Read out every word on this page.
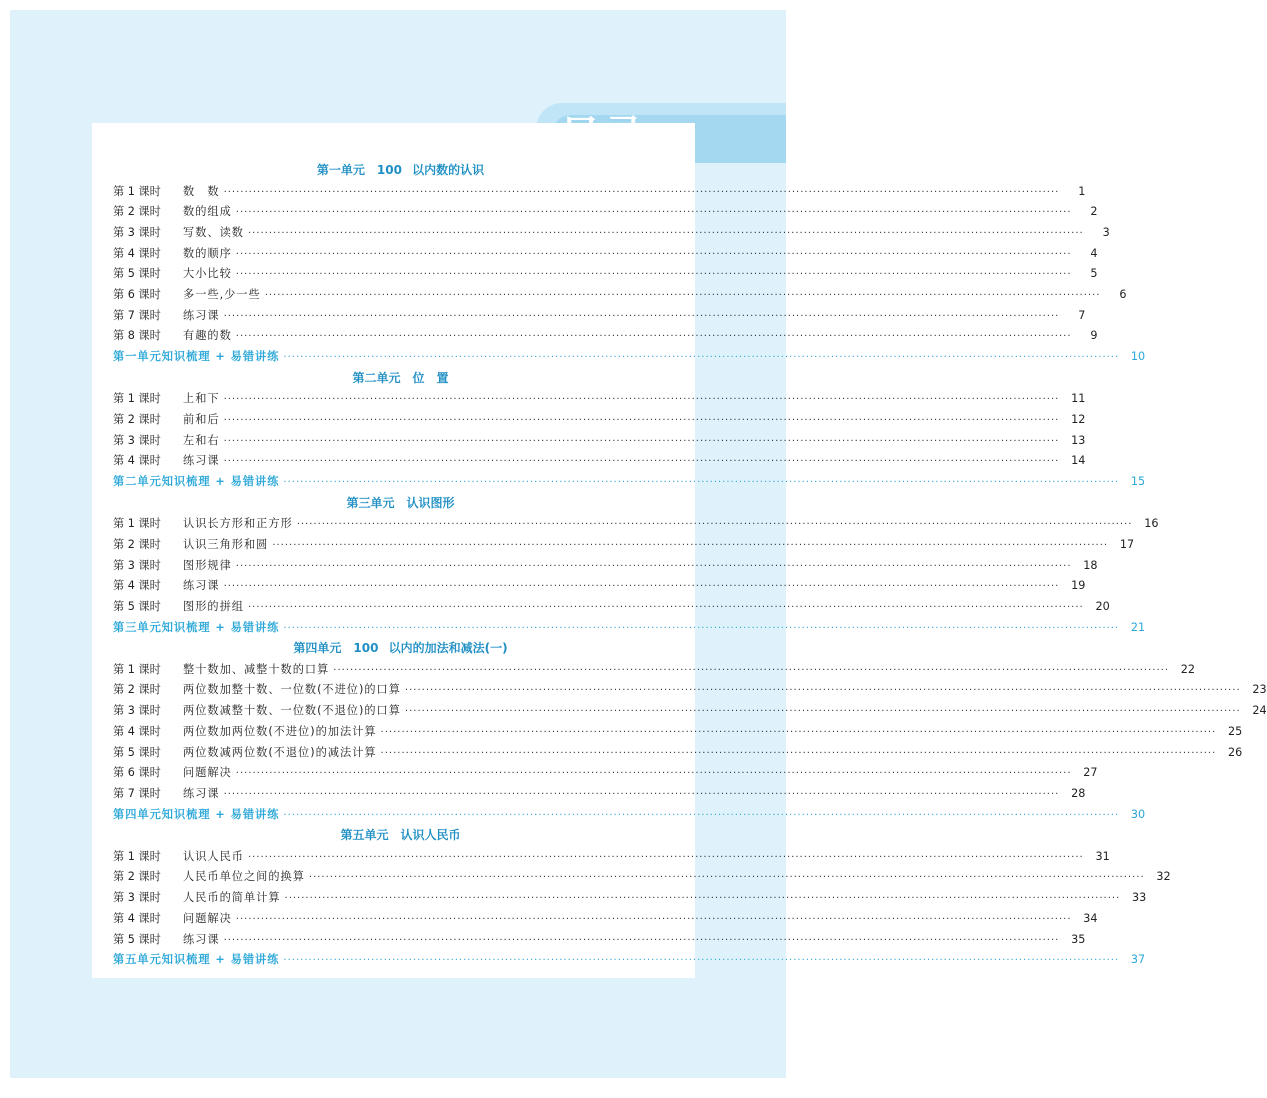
第一单元　100 以内数的认识
第 1 课时	数　数 ········································································································································································································	1
第 2 课时	数的组成 ········································································································································································································	2
第 3 课时	写数、读数 ········································································································································································································	3
第 4 课时	数的顺序 ········································································································································································································	4
第 5 课时	大小比较 ········································································································································································································	5
第 6 课时	多一些,少一些 ········································································································································································································	6
第 7 课时	练习课 ········································································································································································································	7
第 8 课时	有趣的数 ········································································································································································································	9
第一单元知识梳理 + 易错讲练 ········································································································································································································	10
第二单元　位　置
第 1 课时	上和下 ········································································································································································································	11
第 2 课时	前和后 ········································································································································································································	12
第 3 课时	左和右 ········································································································································································································	13
第 4 课时	练习课 ········································································································································································································	14
第二单元知识梳理 + 易错讲练 ········································································································································································································	15
第三单元　认识图形
第 1 课时	认识长方形和正方形 ········································································································································································································	16
第 2 课时	认识三角形和圆 ········································································································································································································	17
第 3 课时	图形规律 ········································································································································································································	18
第 4 课时	练习课 ········································································································································································································	19
第 5 课时	图形的拼组 ········································································································································································································	20
第三单元知识梳理 + 易错讲练 ········································································································································································································	21
第四单元　100 以内的加法和减法(一)
第 1 课时	整十数加、减整十数的口算 ········································································································································································································	22
第 2 课时	两位数加整十数、一位数(不进位)的口算 ········································································································································································································	23
第 3 课时	两位数减整十数、一位数(不退位)的口算 ········································································································································································································	24
第 4 课时	两位数加两位数(不进位)的加法计算 ········································································································································································································	25
第 5 课时	两位数减两位数(不退位)的减法计算 ········································································································································································································	26
第 6 课时	问题解决 ········································································································································································································	27
第 7 课时	练习课 ········································································································································································································	28
第四单元知识梳理 + 易错讲练 ········································································································································································································	30
第五单元　认识人民币
第 1 课时	认识人民币 ········································································································································································································	31
第 2 课时	人民币单位之间的换算 ········································································································································································································	32
第 3 课时	人民币的简单计算 ········································································································································································································	33
第 4 课时	问题解决 ········································································································································································································	34
第 5 课时	练习课 ········································································································································································································	35
第五单元知识梳理 + 易错讲练 ········································································································································································································	37
